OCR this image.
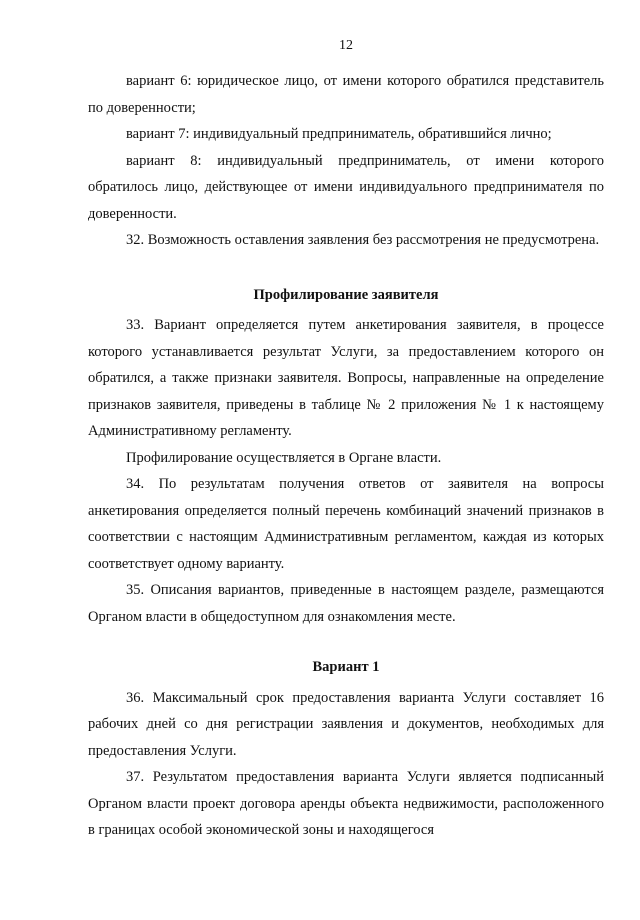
12

вариант 6: юридическое лицо, от имени которого обратился представитель по доверенности;

вариант 7: индивидуальный предприниматель, обратившийся лично;

вариант 8: индивидуальный предприниматель, от имени которого обратилось лицо, действующее от имени индивидуального предпринимателя по доверенности.

32. Возможность оставления заявления без рассмотрения не предусмотрена.

Профилирование заявителя

33. Вариант определяется путем анкетирования заявителя, в процессе которого устанавливается результат Услуги, за предоставлением которого он обратился, а также признаки заявителя. Вопросы, направленные на определение признаков заявителя, приведены в таблице № 2 приложения № 1 к настоящему Административному регламенту.

Профилирование осуществляется в Органе власти.

34. По результатам получения ответов от заявителя на вопросы анкетирования определяется полный перечень комбинаций значений признаков в соответствии с настоящим Административным регламентом, каждая из которых соответствует одному варианту.

35. Описания вариантов, приведенные в настоящем разделе, размещаются Органом власти в общедоступном для ознакомления месте.

Вариант 1

36. Максимальный срок предоставления варианта Услуги составляет 16 рабочих дней со дня регистрации заявления и документов, необходимых для предоставления Услуги.

37. Результатом предоставления варианта Услуги является подписанный Органом власти проект договора аренды объекта недвижимости, расположенного в границах особой экономической зоны и находящегося
